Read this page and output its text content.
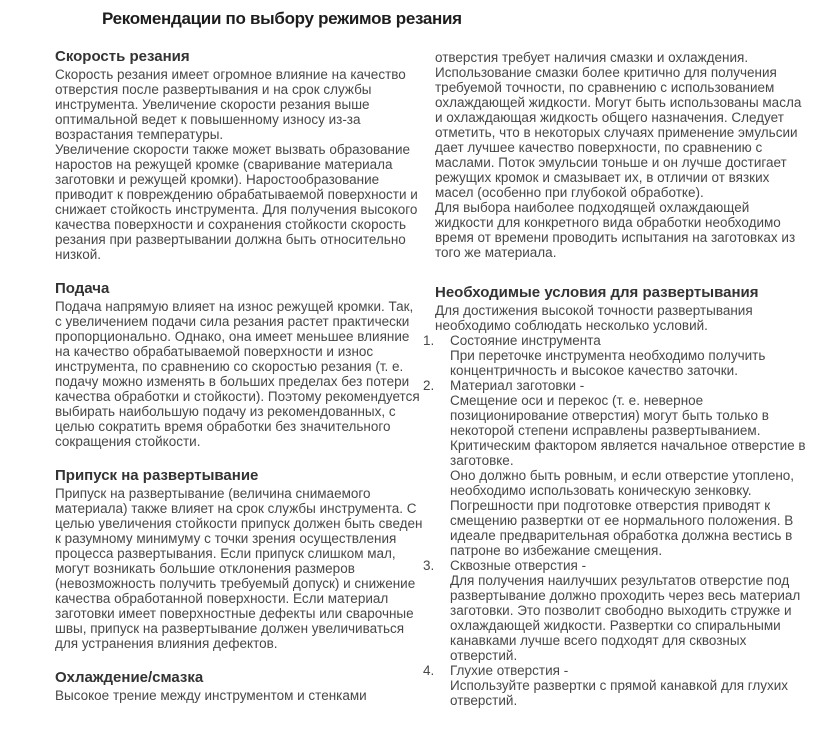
Рекомендации по выбору режимов резания
Скорость резания

Скорость резания имеет огромное влияние на качество отверстия после развертывания и на срок службы инструмента. Увеличение скорости резания выше оптимальной ведет к повышенному износу из-за возрастания температуры.

Увеличение скорости также может вызвать образование наростов на режущей кромке (сваривание материала заготовки и режущей кромки). Наростообразование приводит к повреждению обрабатываемой поверхности и снижает стойкость инструмента. Для получения высокого качества поверхности и сохранения стойкости скорость резания при развертывании должна быть относительно низкой.

Подача

Подача напрямую влияет на износ режущей кромки. Так, с увеличением подачи сила резания растет практически пропорционально. Однако, она имеет меньшее влияние на качество обрабатываемой поверхности и износ инструмента, по сравнению со скоростью резания (т. е. подачу можно изменять в больших пределах без потери качества обработки и стойкости). Поэтому рекомендуется выбирать наибольшую подачу из рекомендованных, с целью сократить время обработки без значительного сокращения стойкости.

Припуск на развертывание

Припуск на развертывание (величина снимаемого материала) также влияет на срок службы инструмента. С целью увеличения стойкости припуск должен быть сведен к разумному минимуму с точки зрения осуществления процесса развертывания. Если припуск слишком мал, могут возникать большие отклонения размеров (невозможность получить требуемый допуск) и снижение качества обработанной поверхности. Если материал заготовки имеет поверхностные дефекты или сварочные швы, припуск на развертывание должен увеличиваться для устранения влияния дефектов.

Охлаждение/смазка

Высокое трение между инструментом и стенками

отверстия требует наличия смазки и охлаждения. Использование смазки более критично для получения требуемой точности, по сравнению с использованием охлаждающей жидкости. Могут быть использованы масла и охлаждающая жидкость общего назначения. Следует отметить, что в некоторых случаях применение эмульсии дает лучшее качество поверхности, по сравнению с маслами. Поток эмульсии тоньше и он лучше достигает режущих кромок и смазывает их, в отличии от вязких масел (особенно при глубокой обработке).

Для выбора наиболее подходящей охлаждающей жидкости для конкретного вида обработки необходимо время от времени проводить испытания на заготовках из того же материала.

Необходимые условия для развертывания

Для достижения высокой точности развертывания необходимо соблюдать несколько условий.

1.	Состояние инструмента

При переточке инструмента необходимо получить концентричность и высокое качество заточки.

2.	Материал заготовки -

Смещение оси и перекос (т. е. неверное позиционирование отверстия) могут быть только в некоторой степени исправлены развертыванием. Критическим фактором является начальное отверстие в заготовке.

Оно должно быть ровным, и если отверстие утоплено, необходимо использовать коническую зенковку. Погрешности при подготовке отверстия приводят к смещению развертки от ее нормального положения. В идеале предварительная обработка должна вестись в патроне во избежание смещения.

3.	Сквозные отверстия -

Для получения наилучших результатов отверстие под развертывание должно проходить через весь материал заготовки. Это позволит свободно выходить стружке и охлаждающей жидкости. Развертки со спиральными канавками лучше всего подходят для сквозных отверстий.

4.	Глухие отверстия -

Используйте развертки с прямой канавкой для глухих отверстий.
